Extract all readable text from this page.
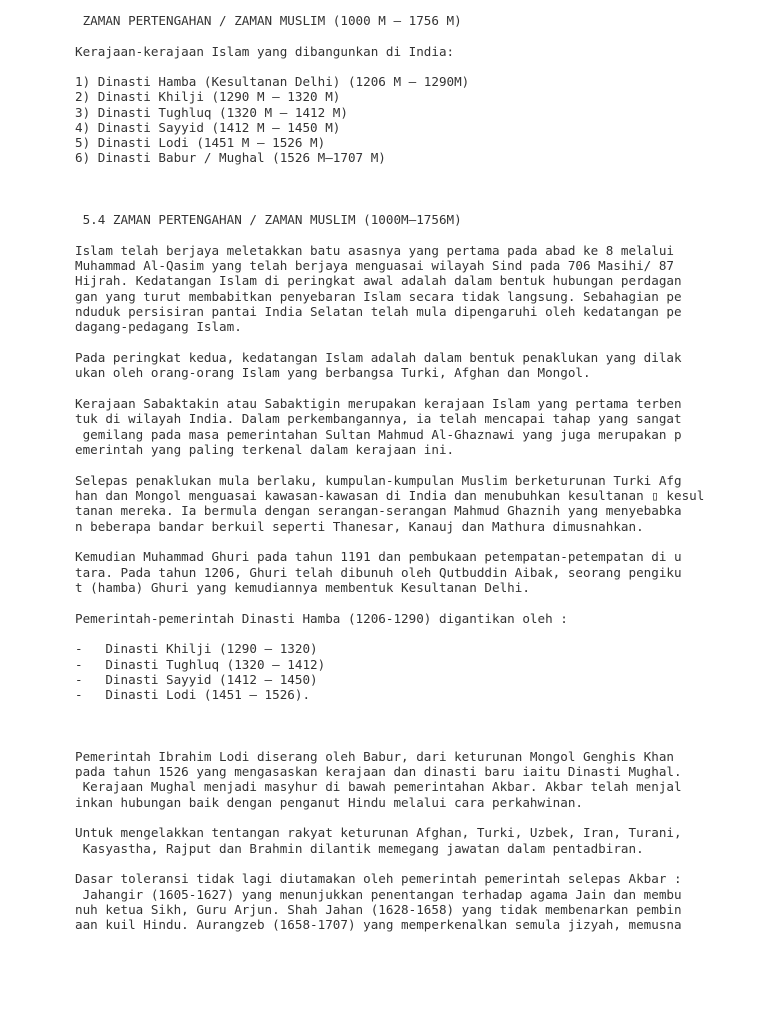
ZAMAN PERTENGAHAN / ZAMAN MUSLIM (1000 M – 1756 M)
Kerajaan-kerajaan Islam yang dibangunkan di India:
1) Dinasti Hamba (Kesultanan Delhi) (1206 M – 1290M)
2) Dinasti Khilji (1290 M – 1320 M)
3) Dinasti Tughluq (1320 M – 1412 M)
4) Dinasti Sayyid (1412 M – 1450 M)
5) Dinasti Lodi (1451 M – 1526 M)
6) Dinasti Babur / Mughal (1526 M–1707 M)
5.4 ZAMAN PERTENGAHAN / ZAMAN MUSLIM (1000M–1756M)
Islam telah berjaya meletakkan batu asasnya yang pertama pada abad ke 8 melalui
Muhammad Al-Qasim yang telah berjaya menguasai wilayah Sind pada 706 Masihi/ 87
Hijrah. Kedatangan Islam di peringkat awal adalah dalam bentuk hubungan perdagan
gan yang turut membabitkan penyebaran Islam secara tidak langsung. Sebahagian pe
nduduk persisiran pantai India Selatan telah mula dipengaruhi oleh kedatangan pe
dagang-pedagang Islam.
Pada peringkat kedua, kedatangan Islam adalah dalam bentuk penaklukan yang dilak
ukan oleh orang-orang Islam yang berbangsa Turki, Afghan dan Mongol.
Kerajaan Sabaktakin atau Sabaktigin merupakan kerajaan Islam yang pertama terben
tuk di wilayah India. Dalam perkembangannya, ia telah mencapai tahap yang sangat
gemilang pada masa pemerintahan Sultan Mahmud Al-Ghaznawi yang juga merupakan p
emerintah yang paling terkenal dalam kerajaan ini.
Selepas penaklukan mula berlaku, kumpulan-kumpulan Muslim berketurunan Turki Afg
han dan Mongol menguasai kawasan-kawasan di India dan menubuhkan kesultanan ▯ kesul
tanan mereka. Ia bermula dengan serangan-serangan Mahmud Ghaznih yang menyebabka
n beberapa bandar berkuil seperti Thanesar, Kanauj dan Mathura dimusnahkan.
Kemudian Muhammad Ghuri pada tahun 1191 dan pembukaan petempatan-petempatan di u
tara. Pada tahun 1206, Ghuri telah dibunuh oleh Qutbuddin Aibak, seorang pengiku
t (hamba) Ghuri yang kemudiannya membentuk Kesultanan Delhi.
Pemerintah-pemerintah Dinasti Hamba (1206-1290) digantikan oleh :
-   Dinasti Khilji (1290 – 1320)
-   Dinasti Tughluq (1320 – 1412)
-   Dinasti Sayyid (1412 – 1450)
-   Dinasti Lodi (1451 – 1526).
Pemerintah Ibrahim Lodi diserang oleh Babur, dari keturunan Mongol Genghis Khan
pada tahun 1526 yang mengasaskan kerajaan dan dinasti baru iaitu Dinasti Mughal.
Kerajaan Mughal menjadi masyhur di bawah pemerintahan Akbar. Akbar telah menjal
inkan hubungan baik dengan penganut Hindu melalui cara perkahwinan.
Untuk mengelakkan tentangan rakyat keturunan Afghan, Turki, Uzbek, Iran, Turani,
Kasyastha, Rajput dan Brahmin dilantik memegang jawatan dalam pentadbiran.
Dasar toleransi tidak lagi diutamakan oleh pemerintah pemerintah selepas Akbar :
Jahangir (1605-1627) yang menunjukkan penentangan terhadap agama Jain dan membu
nuh ketua Sikh, Guru Arjun. Shah Jahan (1628-1658) yang tidak membenarkan pembin
aan kuil Hindu. Aurangzeb (1658-1707) yang memperkenalkan semula jizyah, memusna
